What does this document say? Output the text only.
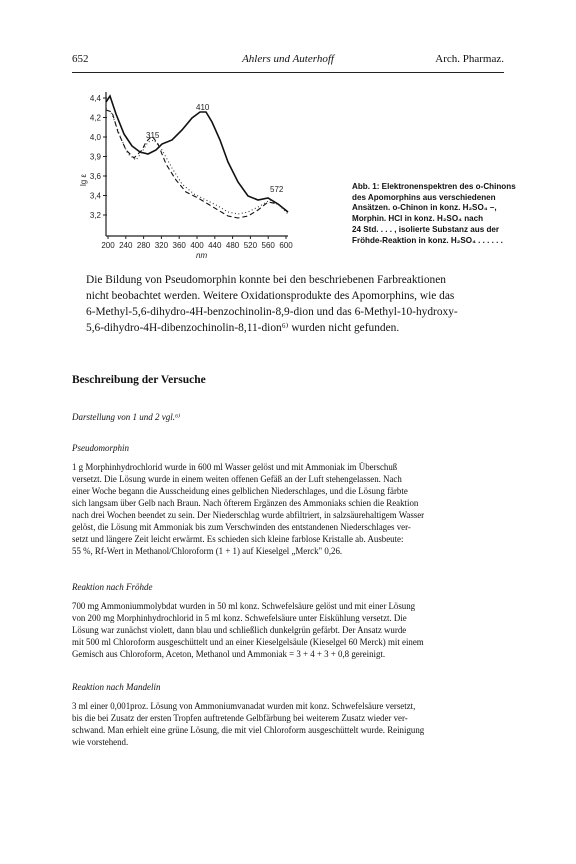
652	Ahlers und Auterhoff	Arch. Pharmaz.
4,4
4,2
4,0
3,9
3,6
3,4
3,2
200 240 280 320 360 400 440 480 520 560 600
410
315
572
lg ε
nm
Abb. 1: Elektronenspektren des o-Chinons
des Apomorphins aus verschiedenen
Ansätzen. o-Chinon in konz. H₂SO₄ –,
Morphin. HCl in konz. H₂SO₄ nach
24 Std. . . . , isolierte Substanz aus der
Fröhde-Reaktion in konz. H₂SO₄ . . . . . .
Die Bildung von Pseudomorphin konnte bei den beschriebenen Farbreaktionen
nicht beobachtet werden. Weitere Oxidationsprodukte des Apomorphins, wie das
6-Methyl-5,6-dihydro-4H-benzochinolin-8,9-dion und das 6-Methyl-10-hydroxy-
5,6-dihydro-4H-dibenzochinolin-8,11-dion⁶⁾ wurden nicht gefunden.
Beschreibung der Versuche
Darstellung von 1 und 2 vgl.⁶⁾
Pseudomorphin
1 g Morphinhydrochlorid wurde in 600 ml Wasser gelöst und mit Ammoniak im Überschuß
versetzt. Die Lösung wurde in einem weiten offenen Gefäß an der Luft stehengelassen. Nach
einer Woche begann die Ausscheidung eines gelblichen Niederschlages, und die Lösung färbte
sich langsam über Gelb nach Braun. Nach öfterem Ergänzen des Ammoniaks schien die Reaktion
nach drei Wochen beendet zu sein. Der Niederschlag wurde abfiltriert, in salzsäurehaltigem Wasser
gelöst, die Lösung mit Ammoniak bis zum Verschwinden des entstandenen Niederschlages ver-
setzt und längere Zeit leicht erwärmt. Es schieden sich kleine farblose Kristalle ab. Ausbeute:
55 %, Rf-Wert in Methanol/Chloroform (1 + 1) auf Kieselgel „Merck" 0,26.
Reaktion nach Fröhde
700 mg Ammoniummolybdat wurden in 50 ml konz. Schwefelsäure gelöst und mit einer Lösung
von 200 mg Morphinhydrochlorid in 5 ml konz. Schwefelsäure unter Eiskühlung versetzt. Die
Lösung war zunächst violett, dann blau und schließlich dunkelgrün gefärbt. Der Ansatz wurde
mit 500 ml Chloroform ausgeschüttelt und an einer Kieselgelsäule (Kieselgel 60 Merck) mit einem
Gemisch aus Chloroform, Aceton, Methanol und Ammoniak = 3 + 4 + 3 + 0,8 gereinigt.
Reaktion nach Mandelin
3 ml einer 0,001proz. Lösung von Ammoniumvanadat wurden mit konz. Schwefelsäure versetzt,
bis die bei Zusatz der ersten Tropfen auftretende Gelbfärbung bei weiterem Zusatz wieder ver-
schwand. Man erhielt eine grüne Lösung, die mit viel Chloroform ausgeschüttelt wurde. Reinigung
wie vorstehend.
